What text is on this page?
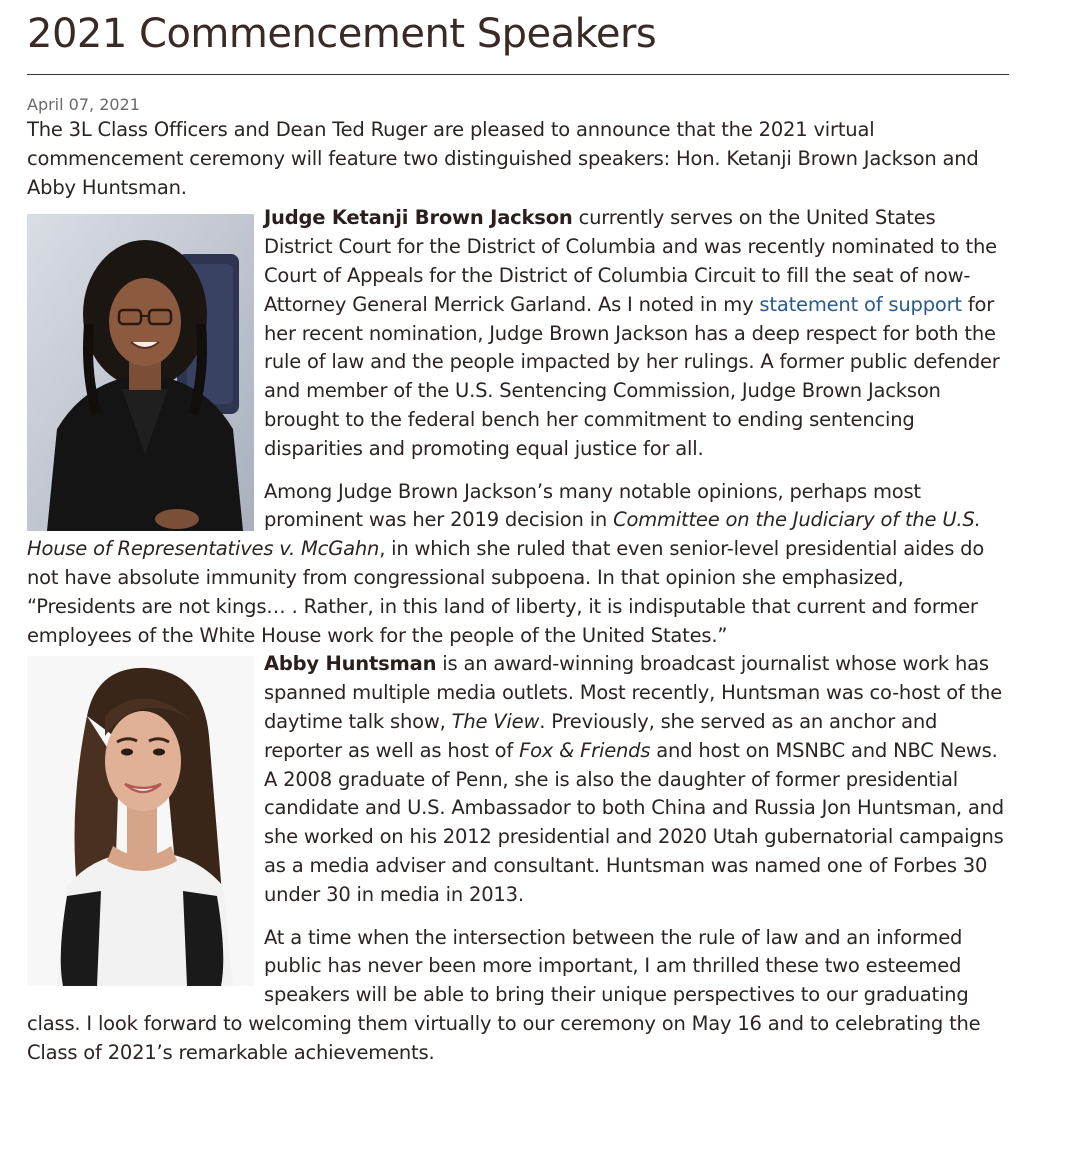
2021 Commencement Speakers
April 07, 2021

The 3L Class Officers and Dean Ted Ruger are pleased to announce that the 2021 virtual commencement ceremony will feature two distinguished speakers: Hon. Ketanji Brown Jackson and Abby Huntsman.

Judge Ketanji Brown Jackson currently serves on the United States District Court for the District of Columbia and was recently nominated to the Court of Appeals for the District of Columbia Circuit to fill the seat of now-Attorney General Merrick Garland. As I noted in my statement of support for her recent nomination, Judge Brown Jackson has a deep respect for both the rule of law and the people impacted by her rulings. A former public defender and member of the U.S. Sentencing Commission, Judge Brown Jackson brought to the federal bench her commitment to ending sentencing disparities and promoting equal justice for all.

Among Judge Brown Jackson’s many notable opinions, perhaps most prominent was her 2019 decision in Committee on the Judiciary of the U.S. House of Representatives v. McGahn, in which she ruled that even senior-level presidential aides do not have absolute immunity from congressional subpoena. In that opinion she emphasized, “Presidents are not kings… . Rather, in this land of liberty, it is indisputable that current and former employees of the White House work for the people of the United States.”

Abby Huntsman is an award-winning broadcast journalist whose work has spanned multiple media outlets. Most recently, Huntsman was co-host of the daytime talk show, The View. Previously, she served as an anchor and reporter as well as host of Fox & Friends and host on MSNBC and NBC News. A 2008 graduate of Penn, she is also the daughter of former presidential candidate and U.S. Ambassador to both China and Russia Jon Huntsman, and she worked on his 2012 presidential and 2020 Utah gubernatorial campaigns as a media adviser and consultant. Huntsman was named one of Forbes 30 under 30 in media in 2013.

At a time when the intersection between the rule of law and an informed public has never been more important, I am thrilled these two esteemed speakers will be able to bring their unique perspectives to our graduating class. I look forward to welcoming them virtually to our ceremony on May 16 and to celebrating the Class of 2021’s remarkable achievements.
